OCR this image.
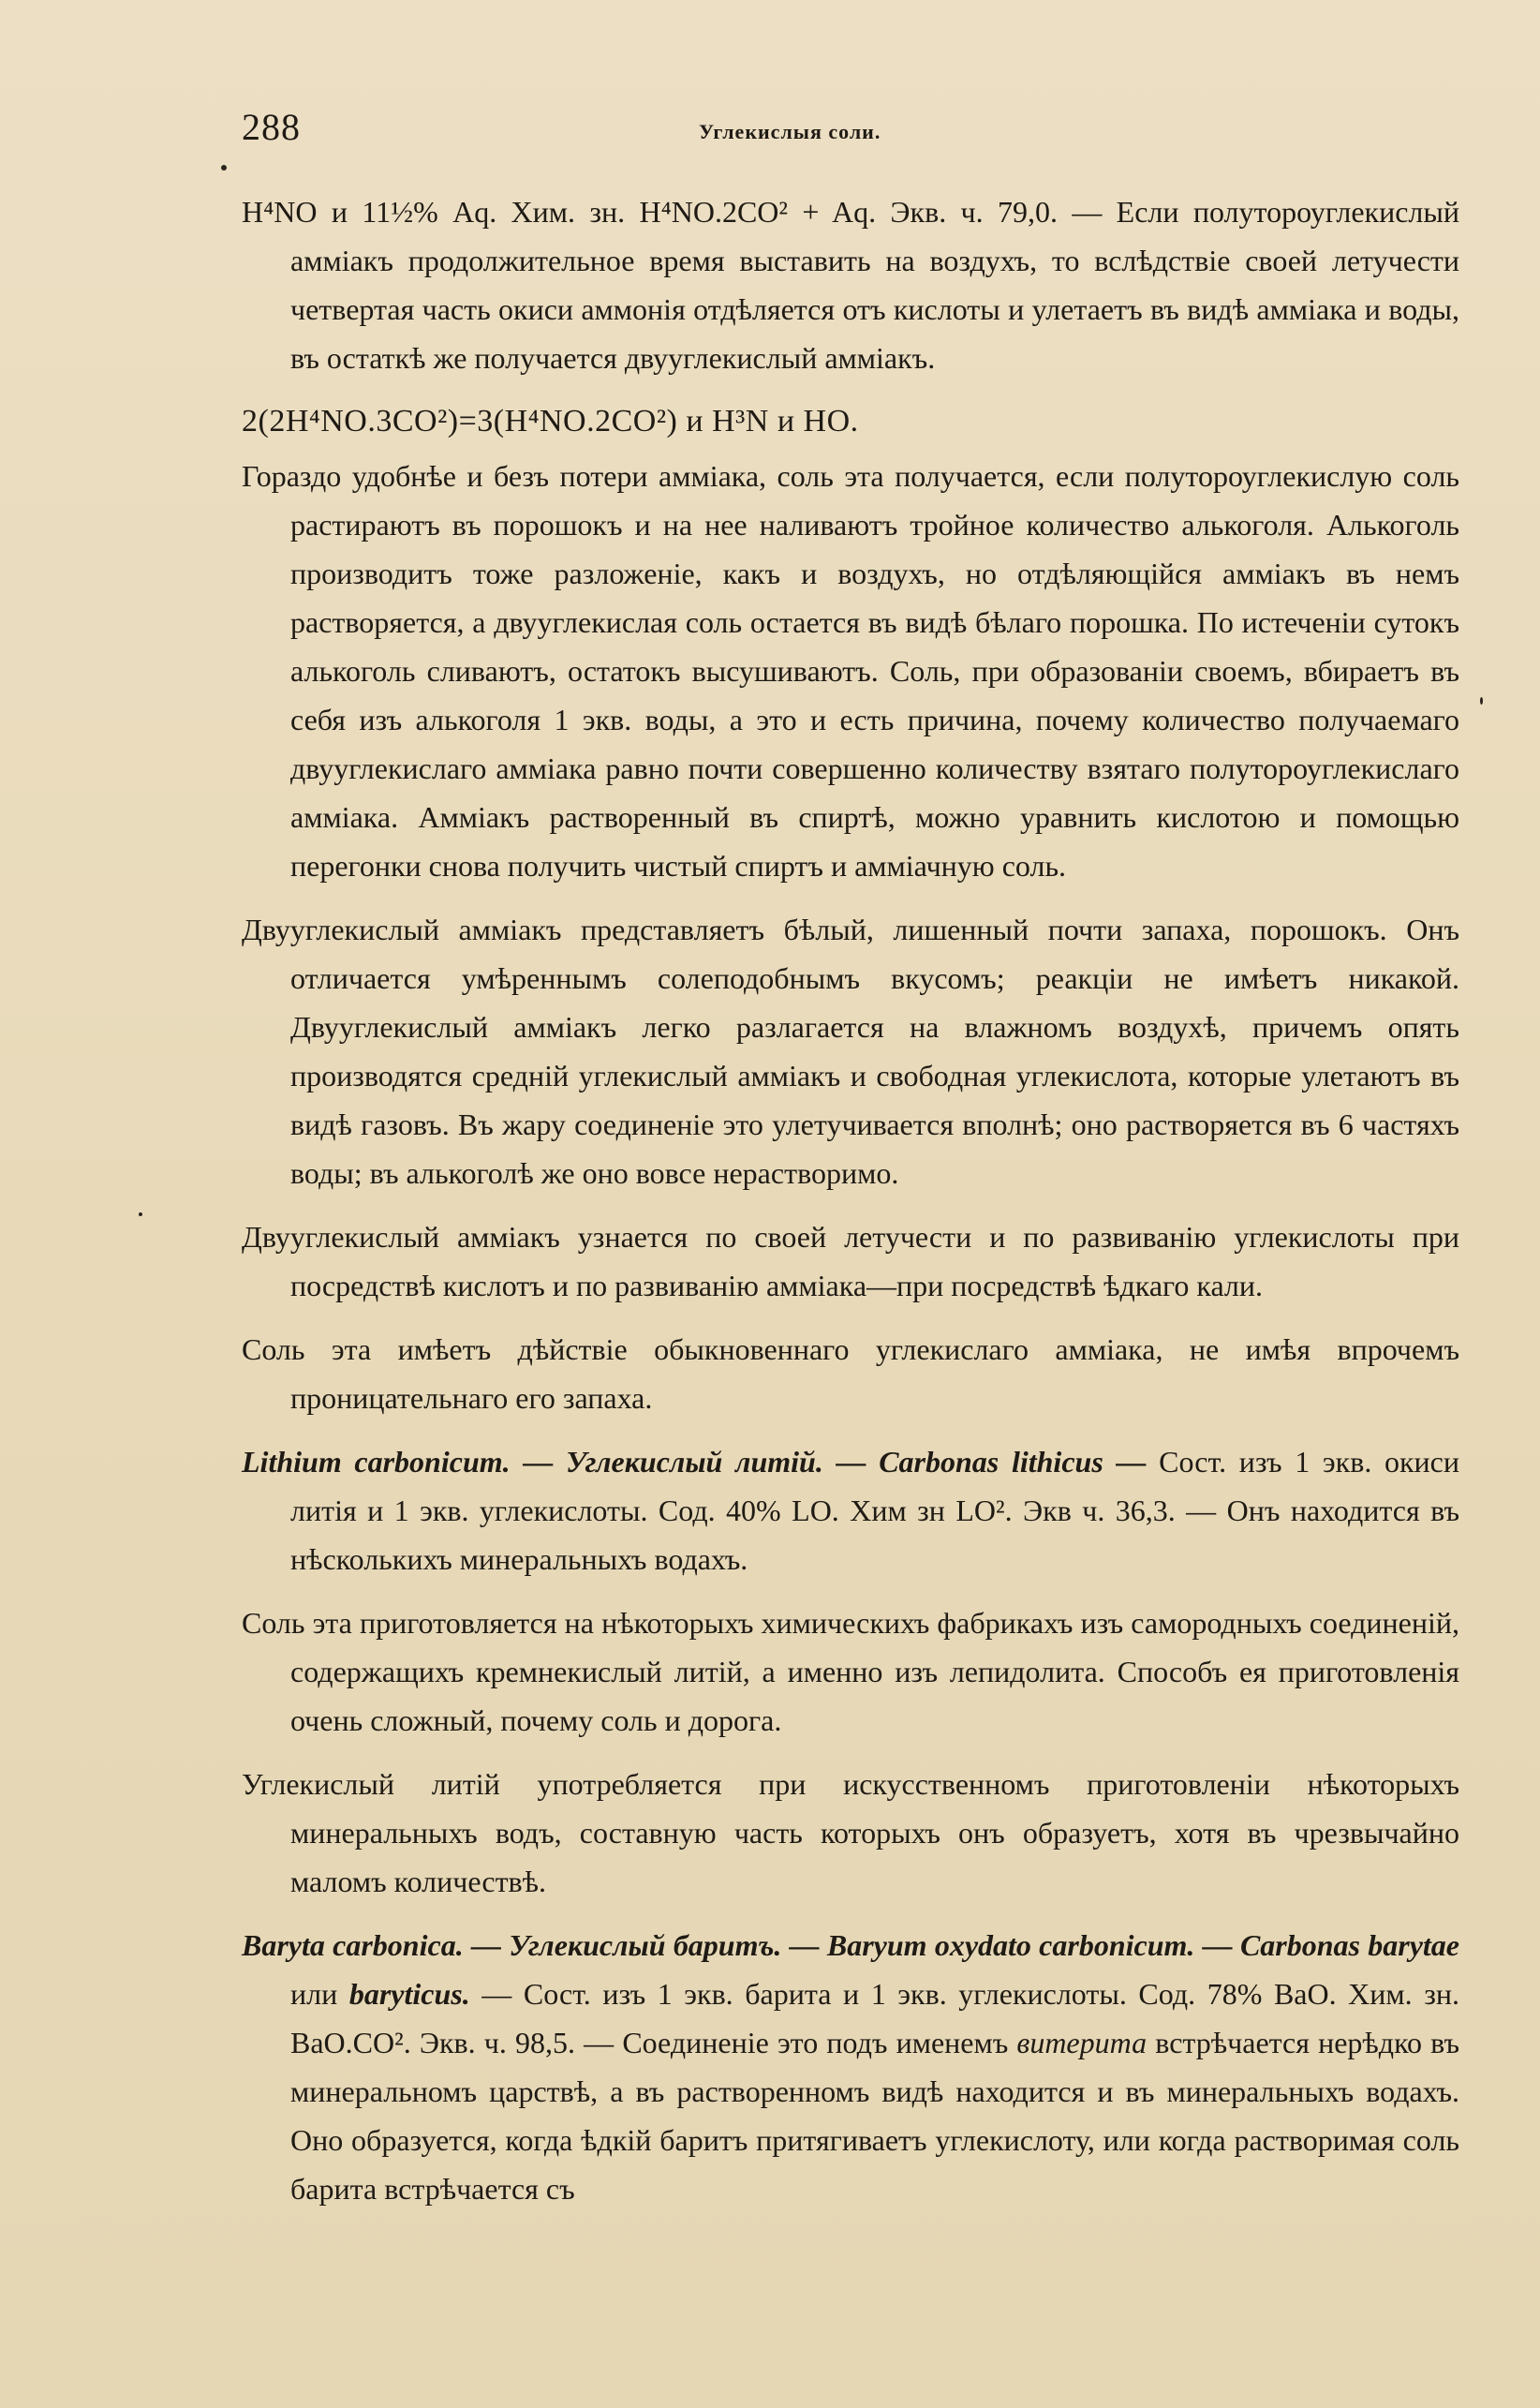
288	Углекислыя соли.

H⁴NO и 11½% Aq. Хим. зн. H⁴NO.2CO² + Aq. Экв. ч. 79,0. — Если полутороуглекислый амміакъ продолжительное время выставить на воздухъ, то вслѣдствіе своей летучести четвертая часть окиси аммонія отдѣляется отъ кислоты и улетаетъ въ видѣ амміака и воды, въ остаткѣ же получается двууглекислый амміакъ.

2(2H⁴NO.3CO²)=3(H⁴NO.2CO²) и H³N и HO.

Гораздо удобнѣе и безъ потери амміака, соль эта получается, если полутороуглекислую соль растираютъ въ порошокъ и на нее наливаютъ тройное количество алькоголя. Алькоголь производитъ тоже разложеніе, какъ и воздухъ, но отдѣляющійся амміакъ въ немъ растворяется, а двууглекислая соль остается въ видѣ бѣлаго порошка. По истеченіи сутокъ алькоголь сливаютъ, остатокъ высушиваютъ. Соль, при образованіи своемъ, вбираетъ въ себя изъ алькоголя 1 экв. воды, а это и есть причина, почему количество получаемаго двууглекислаго амміака равно почти совершенно количеству взятаго полутороуглекислаго амміака. Амміакъ растворенный въ спиртѣ, можно уравнить кислотою и помощью перегонки снова получить чистый спиртъ и амміачную соль.

Двууглекислый амміакъ представляетъ бѣлый, лишенный почти запаха, порошокъ. Онъ отличается умѣреннымъ солеподобнымъ вкусомъ; реакціи не имѣетъ никакой. Двууглекислый амміакъ легко разлагается на влажномъ воздухѣ, причемъ опять производятся средній углекислый амміакъ и свободная углекислота, которые улетаютъ въ видѣ газовъ. Въ жару соединеніе это улетучивается вполнѣ; оно растворяется въ 6 частяхъ воды; въ алькоголѣ же оно вовсе нерастворимо.

Двууглекислый амміакъ узнается по своей летучести и по развиванію углекислоты при посредствѣ кислотъ и по развиванію амміака—при посредствѣ ѣдкаго кали.

Соль эта имѣетъ дѣйствіе обыкновеннаго углекислаго амміака, не имѣя впрочемъ проницательнаго его запаха.

Lithium carbonicum. — Углекислый литій. — Carbonas lithicus — Сост. изъ 1 экв. окиси литія и 1 экв. углекислоты. Сод. 40% LO. Хим зн LO². Экв ч. 36,3. — Онъ находится въ нѣсколькихъ минеральныхъ водахъ.

Соль эта приготовляется на нѣкоторыхъ химическихъ фабрикахъ изъ самородныхъ соединеній, содержащихъ кремнекислый литій, а именно изъ лепидолита. Способъ ея приготовленія очень сложный, почему соль и дорога.

Углекислый литій употребляется при искусственномъ приготовленіи нѣкоторыхъ минеральныхъ водъ, составную часть которыхъ онъ образуетъ, хотя въ чрезвычайно маломъ количествѣ.

Baryta carbonica. — Углекислый баритъ. — Baryum oxydato carbonicum. — Carbonas barytae или baryticus. — Сост. изъ 1 экв. барита и 1 экв. углекислоты. Сод. 78% BaO. Хим. зн. BaO.CO². Экв. ч. 98,5. — Соединеніе это подъ именемъ витерита встрѣчается нерѣдко въ минеральномъ царствѣ, а въ растворенномъ видѣ находится и въ минеральныхъ водахъ. Оно образуется, когда ѣдкій баритъ притягиваетъ углекислоту, или когда растворимая соль барита встрѣчается съ
